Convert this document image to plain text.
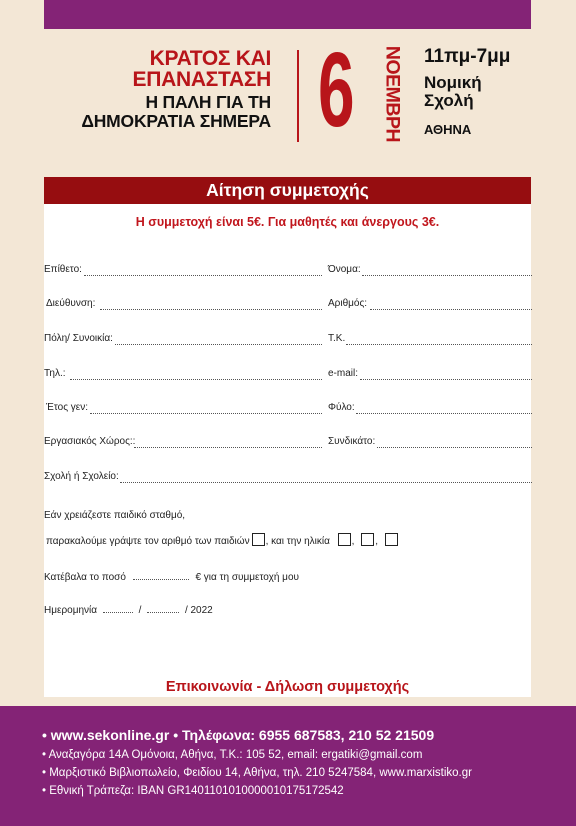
ΚΡΑΤΟΣ ΚΑΙ
ΕΠΑΝΑΣΤΑΣΗ
Η ΠΑΛΗ ΓΙΑ ΤΗ
ΔΗΜΟΚΡΑΤΙΑ ΣΗΜΕΡΑ 6 ΝΟΕΜΒΡΗ 11πμ-7μμ
Νομική
Σχολή
ΑΘΗΝΑ
Αίτηση συμμετοχής
Η συμμετοχή είναι 5€. Για μαθητές και άνεργους 3€.
Επίθετο:	Όνομα:
Διεύθυνση:	Αριθμός:
Πόλη/ Συνοικία:	Τ.Κ.
Τηλ.:	e-mail:
Έτος γεν:	Φύλο:
Εργασιακός Χώρος::	Συνδικάτο:
Σχολή ή Σχολείο:
Εάν χρειάζεστε παιδικό σταθμό,
παρακαλούμε γράψτε τον αριθμό των παιδιών , και την ηλικία , ,
Κατέβαλα το ποσό	€ για τη συμμετοχή μου
Ημερομηνία	/	/ 2022
Επικοινωνία - Δήλωση συμμετοχής
• www.sekonline.gr • Τηλέφωνα: 6955 687583, 210 52 21509
• Αναξαγόρα 14Α Ομόνοια, Αθήνα, Τ.Κ.: 105 52, email: ergatiki@gmail.com
• Μαρξιστικό Βιβλιοπωλείο, Φειδίου 14, Αθήνα, τηλ. 210 5247584, www.marxistiko.gr
• Εθνική Τράπεζα: IBAN GR1401101010000010175172542
